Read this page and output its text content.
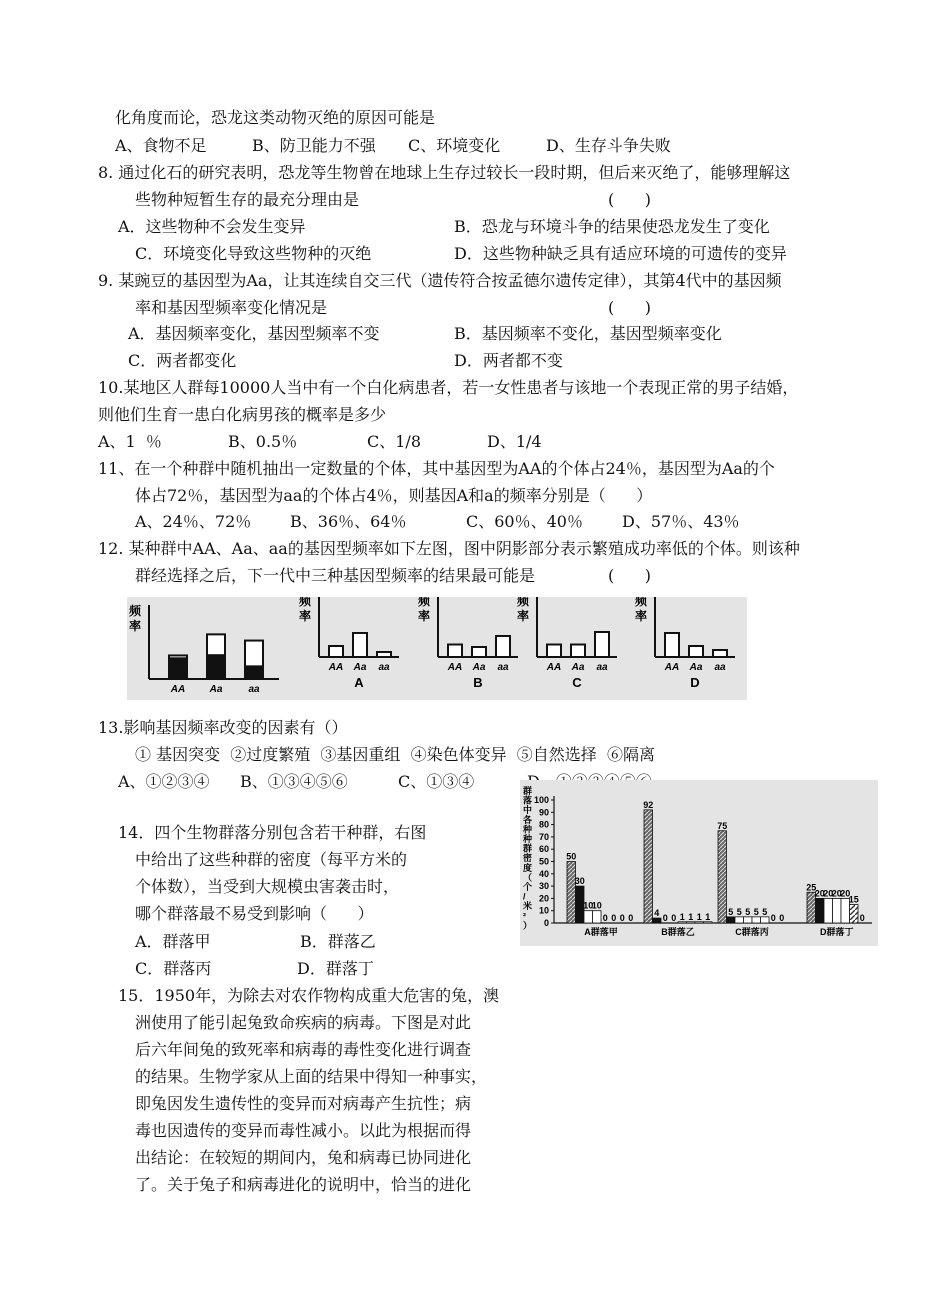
化角度而论，恐龙这类动物灭绝的原因可能是
A、食物不足	B、防卫能力不强 C、环境变化	D、生存斗争失败
8. 通过化石的研究表明，恐龙等生物曾在地球上生存过较长一段时期，但后来灭绝了，能够理解这
些物种短暂生存的最充分理由是	(      )
A．这些物种不会发生变异	B．恐龙与环境斗争的结果使恐龙发生了变化
C．环境变化导致这些物种的灭绝	D．这些物种缺乏具有适应环境的可遗传的变异
9. 某豌豆的基因型为Aa，让其连续自交三代（遗传符合按孟德尔遗传定律），其第4代中的基因频
率和基因型频率变化情况是	(      )
A．基因频率变化，基因型频率不变	B．基因频率不变化，基因型频率变化
C．两者都变化	D．两者都不变
10.某地区人群每10000人当中有一个白化病患者，若一女性患者与该地一个表现正常的男子结婚，
则他们生育一患白化病男孩的概率是多少
A、1  ％	B、0.5％	C、1/8	D、1/4
11、在一个种群中随机抽出一定数量的个体，其中基因型为AA的个体占24％，基因型为Aa的个
体占72％，基因型为aa的个体占4％，则基因A和a的频率分别是（      ）
A、24％、72％ B、36％、64％	C、60％、40％ D、57％、43％
12. 某种群中AA、Aa、aa的基因型频率如下左图，图中阴影部分表示繁殖成功率低的个体。则该种
群经选择之后，下一代中三种基因型频率的结果最可能是	(      )
频
率
AA Aa	aa
频
率
AA Aa aa
A
频
率
AA Aa aa
B
频
率
AA Aa aa
C
频
率
AA Aa aa
D
13.影响基因频率改变的因素有（）
① 基因突变  ②过度繁殖  ③基因重组  ④染色体变异  ⑤自然选择  ⑥隔离
A、①②③④ B、①③④⑤⑥	C、①③④
14．四个生物群落分别包含若干种群，右图
中给出了这些种群的密度（每平方米的
个体数），当受到大规模虫害袭击时，
哪个群落最不易受到影响（      ）
A．群落甲	B．群落乙
C．群落丙	D．群落丁
群
落
中
各
种
种
群
密
度
（
个
/
米
²
） 0
10
20
30
40
50
60
70
80
90
100
50
30
10
10
0 0 0 0
A群落甲
92
4 0 0 1 1 1 1
B群落乙
75
5 5 5 5 5
0 0
C群落丙
25
20
20
20
20
15
0
D群落丁
15．1950年，为除去对农作物构成重大危害的兔，澳
洲使用了能引起兔致命疾病的病毒。下图是对此
后六年间兔的致死率和病毒的毒性变化进行调查
的结果。生物学家从上面的结果中得知一种事实，
即兔因发生遗传性的变异而对病毒产生抗性；病
毒也因遗传的变异而毒性减小。以此为根据而得
出结论：在较短的期间内，兔和病毒已协同进化
了。关于兔子和病毒进化的说明中，恰当的进化
